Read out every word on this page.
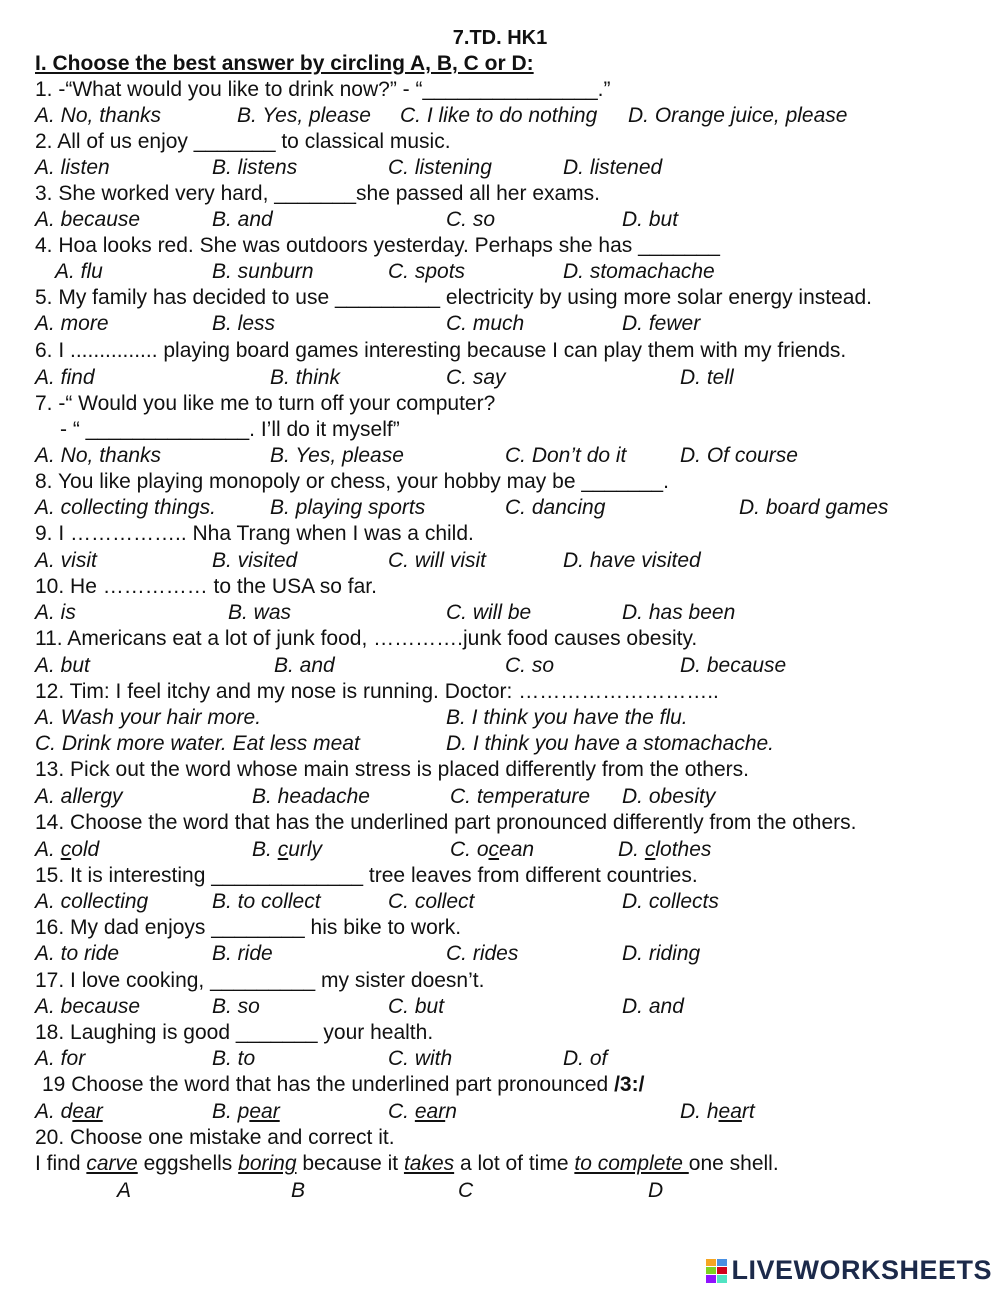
7.TD. HK1
I. Choose the best answer by circling A, B, C or D:
1. -“What would you like to drink now?” - “_______________.”
A. No, thanks	B. Yes, please C. I like to do nothing D. Orange juice, please
2. All of us enjoy _______ to classical music.
A. listen	B. listens	C. listening	D. listened
3. She worked very hard, _______she passed all her exams.
A. because	B. and	C. so	D. but
4. Hoa looks red. She was outdoors yesterday. Perhaps she has _______
A. flu	B. sunburn	C. spots	D. stomachache
5. My family has decided to use _________ electricity by using more solar energy instead.
A. more	B. less	C. much	D. fewer
6. I ............... playing board games interesting because I can play them with my friends.
A. find	B. think	C. say	D. tell
7. -“ Would you like me to turn off your computer?
- “ ______________. I’ll do it myself”
A. No, thanks	B. Yes, please	C. Don’t do it	D. Of course
8. You like playing monopoly or chess, your hobby may be _______.
A. collecting things.	B. playing sports	C. dancing	D. board games
9. I …………….. Nha Trang when I was a child.
A. visit	B. visited	C. will visit	D. have visited
10. He …………… to the USA so far.
A. is	B. was	C. will be	D. has been
11. Americans eat a lot of junk food, ………….junk food causes obesity.
A. but	B. and	C. so	D. because
12. Tim: I feel itchy and my nose is running. Doctor: ………………………..
A. Wash your hair more.	B. I think you have the flu.
C. Drink more water. Eat less meat	D. I think you have a stomachache.
13. Pick out the word whose main stress is placed differently from the others.
A. allergy	B. headache	C. temperature D. obesity
14. Choose the word that has the underlined part pronounced differently from the others.
A. cold	B. curly	C. ocean	D. clothes
15. It is interesting _____________ tree leaves from different countries.
A. collecting	B. to collect	C. collect	D. collects
16. My dad enjoys ________ his bike to work.
A. to ride	B. ride	C. rides	D. riding
17. I love cooking, _________ my sister doesn’t.
A. because	B. so	C. but	D. and
18. Laughing is good _______ your health.
A. for	B. to	C. with	D. of
19 Choose the word that has the underlined part pronounced /3:/
A. dear	B. pear	C. earn	D. heart
20. Choose one mistake and correct it.
I find carve eggshells boring because it takes a lot of time to complete one shell.
A	B	C	D
LIVEWORKSHEETS
